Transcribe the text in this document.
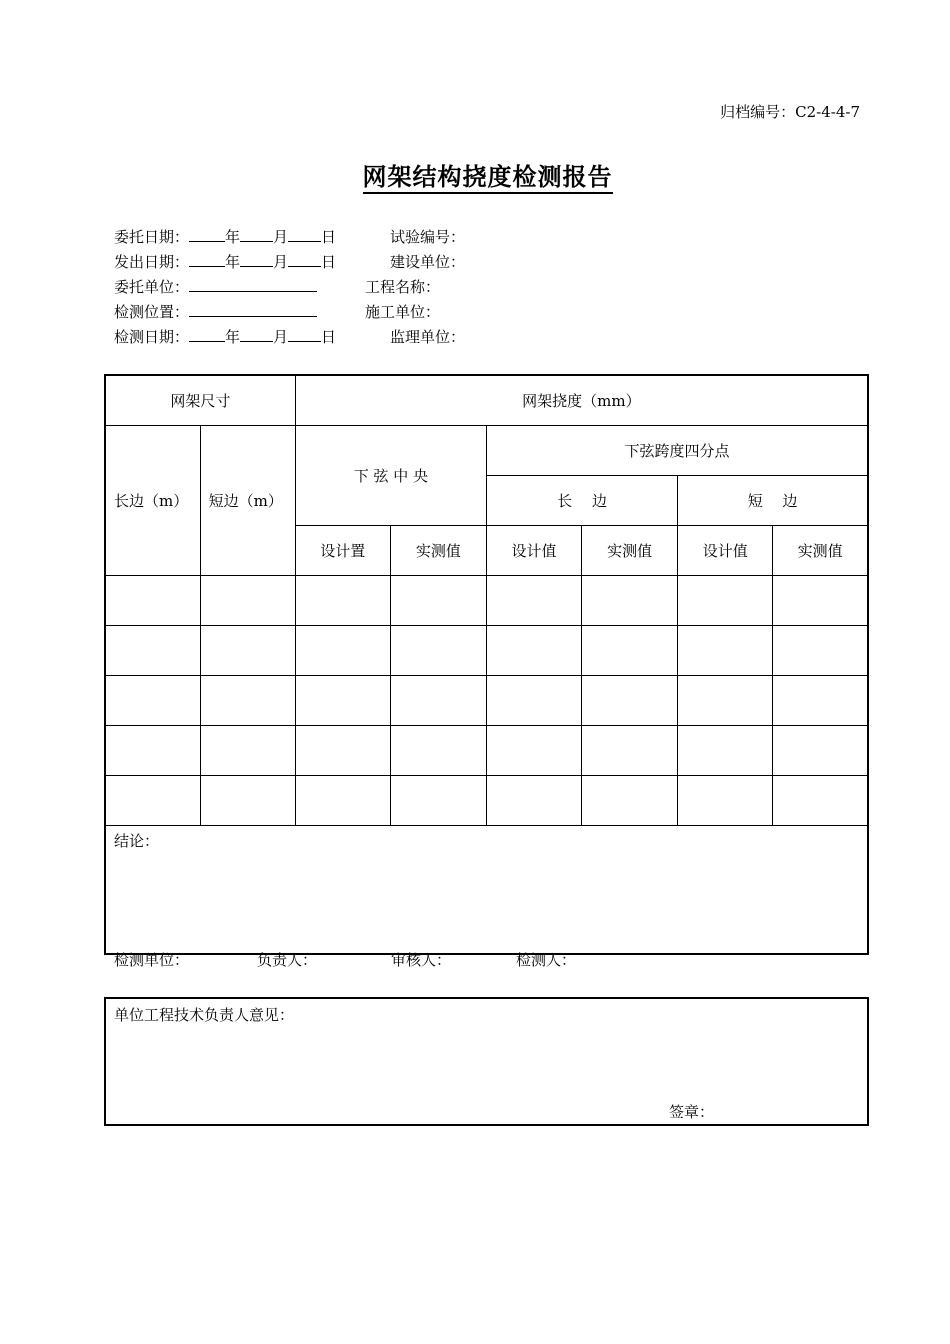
归档编号：C2-4-4-7
网架结构挠度检测报告
委托日期： 年 月 日	试验编号：
发出日期： 年 月 日	建设单位：
委托单位：	工程名称：
检测位置：	施工单位：
检测日期： 年 月 日	监理单位：
网架尺寸		网架挠度（mm）					
长边（m）	短边（m）	下 弦 中 央		下弦跨度四分点			
				长　 边		短　 边	
		设计置	实测值	设计值	实测值	设计值	实测值

结论：							
检测单位：	负责人：	审核人：	检测人：
单位工程技术负责人意见：
签章：
